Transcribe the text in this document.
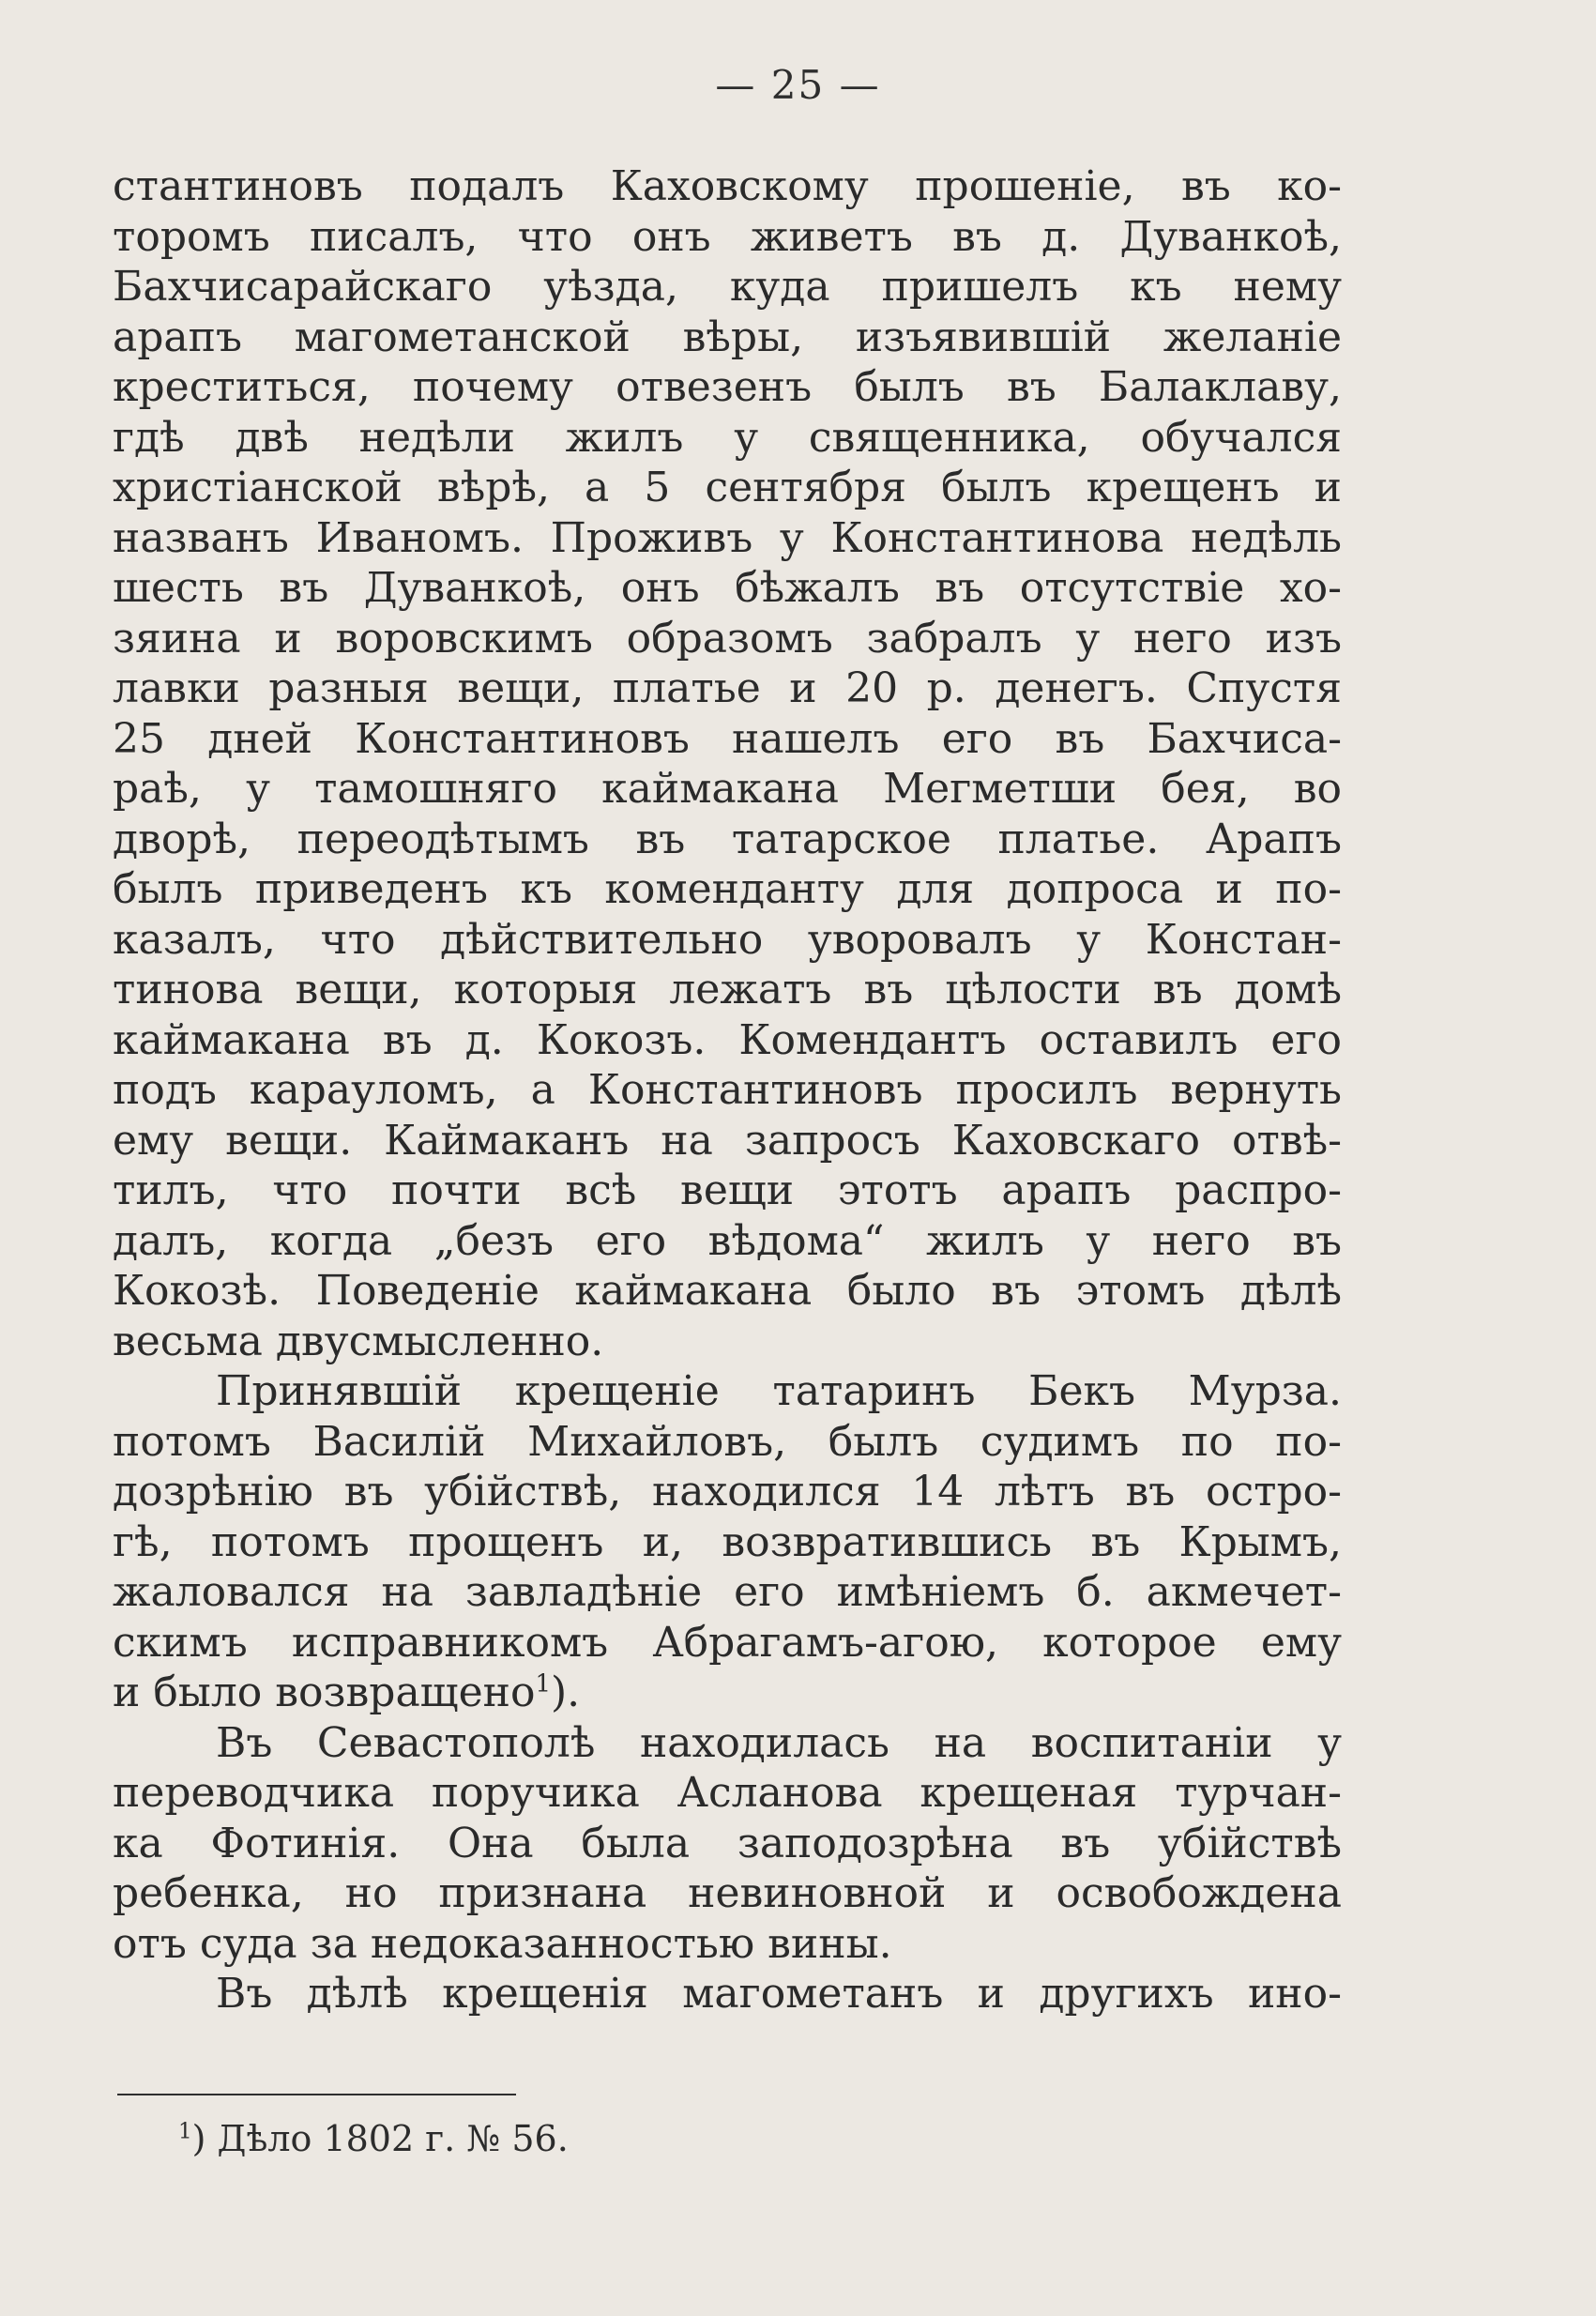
— 25 —
стантиновъ подалъ Каховскому прошеніе, въ ко-
торомъ писалъ, что онъ живетъ въ д. Дуванкоѣ,
Бахчисарайскаго уѣзда, куда пришелъ къ нему
арапъ магометанской вѣры, изъявившій желаніе
креститься, почему отвезенъ былъ въ Балаклаву,
гдѣ двѣ недѣли жилъ у священника, обучался
христіанской вѣрѣ, а 5 сентября былъ крещенъ и
названъ Иваномъ. Проживъ у Константинова недѣль
шесть въ Дуванкоѣ, онъ бѣжалъ въ отсутствіе хо-
зяина и воровскимъ образомъ забралъ у него изъ
лавки разныя вещи, платье и 20 р. денегъ. Спустя
25 дней Константиновъ нашелъ его въ Бахчиса-
раѣ, у тамошняго каймакана Мегметши бея, во
дворѣ, переодѣтымъ въ татарское платье. Арапъ
былъ приведенъ къ коменданту для допроса и по-
казалъ, что дѣйствительно уворовалъ у Констан-
тинова вещи, которыя лежатъ въ цѣлости въ домѣ
каймакана въ д. Кокозъ. Комендантъ оставилъ его
подъ карауломъ, а Константиновъ просилъ вернуть
ему вещи. Каймаканъ на запросъ Каховскаго отвѣ-
тилъ, что почти всѣ вещи этотъ арапъ распро-
далъ, когда „безъ его вѣдома“ жилъ у него въ
Кокозѣ. Поведеніе каймакана было въ этомъ дѣлѣ
весьма двусмысленно.
Принявшій крещеніе татаринъ Бекъ Мурза.
потомъ Василій Михайловъ, былъ судимъ по по-
дозрѣнію въ убійствѣ, находился 14 лѣтъ въ остро-
гѣ, потомъ прощенъ и, возвратившись въ Крымъ,
жаловался на завладѣніе его имѣніемъ б. акмечет-
скимъ исправникомъ Абрагамъ-агою, которое ему
и было возвращено$^1$).
Въ Севастополѣ находилась на воспитаніи у
переводчика поручика Асланова крещеная турчан-
ка Фотинія. Она была заподозрѣна въ убійствѣ
ребенка, но признана невиновной и освобождена
отъ суда за недоказанностью вины.
Въ дѣлѣ крещенія магометанъ и другихъ ино-
$^1$) Дѣло 1802 г. № 56.
